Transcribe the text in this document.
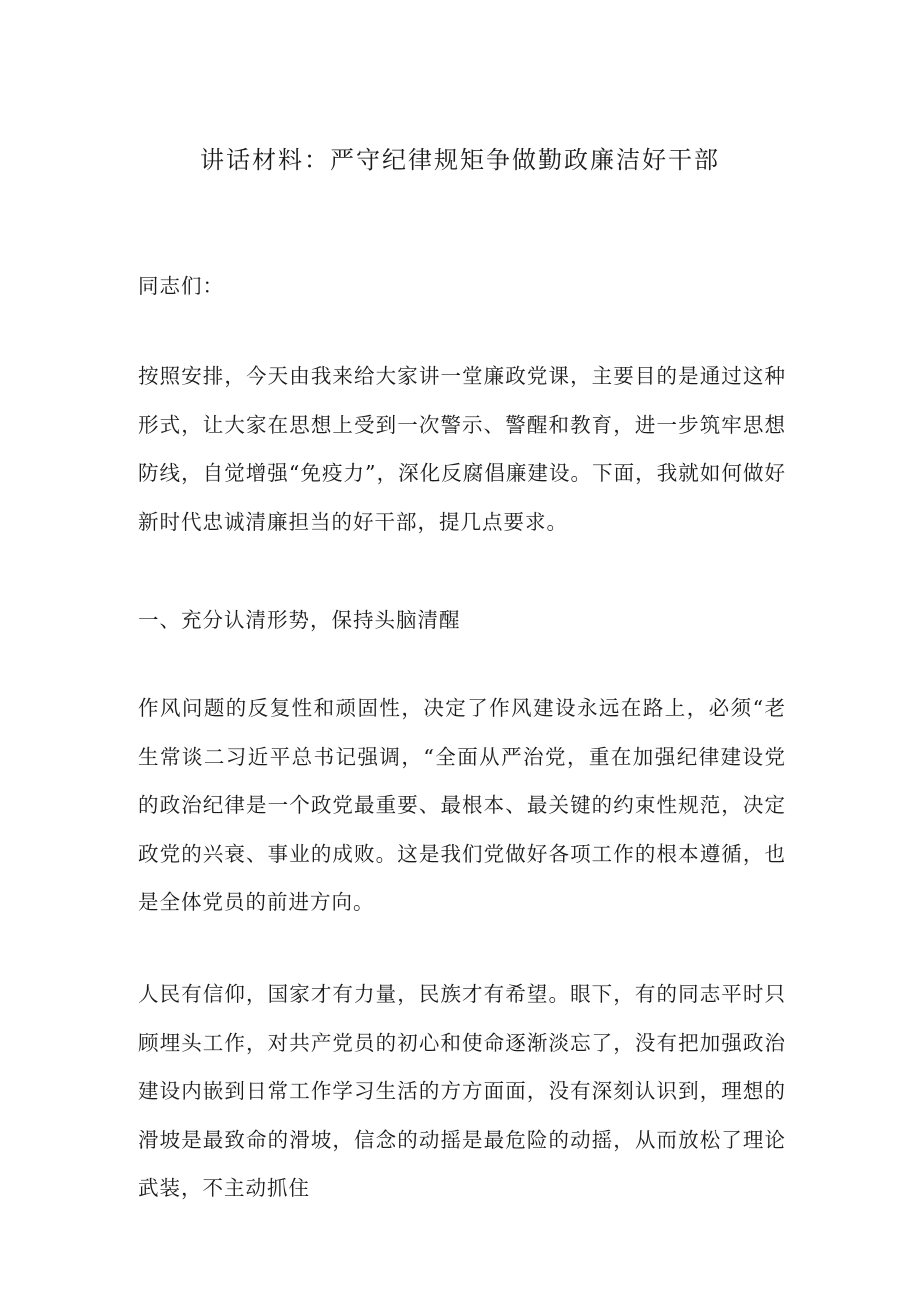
讲话材料：严守纪律规矩争做勤政廉洁好干部

同志们：

按照安排，今天由我来给大家讲一堂廉政党课，主要目的是通过这种形式，让大家在思想上受到一次警示、警醒和教育，进一步筑牢思想防线，自觉增强“免疫力”，深化反腐倡廉建设。下面，我就如何做好新时代忠诚清廉担当的好干部，提几点要求。

一、充分认清形势，保持头脑清醒

作风问题的反复性和顽固性，决定了作风建设永远在路上，必须“老生常谈二习近平总书记强调，“全面从严治党，重在加强纪律建设党的政治纪律是一个政党最重要、最根本、最关键的约束性规范，决定政党的兴衰、事业的成败。这是我们党做好各项工作的根本遵循，也是全体党员的前进方向。

人民有信仰，国家才有力量，民族才有希望。眼下，有的同志平时只顾埋头工作，对共产党员的初心和使命逐渐淡忘了，没有把加强政治建设内嵌到日常工作学习生活的方方面面，没有深刻认识到，理想的滑坡是最致命的滑坡，信念的动摇是最危险的动摇，从而放松了理论武装，不主动抓住
